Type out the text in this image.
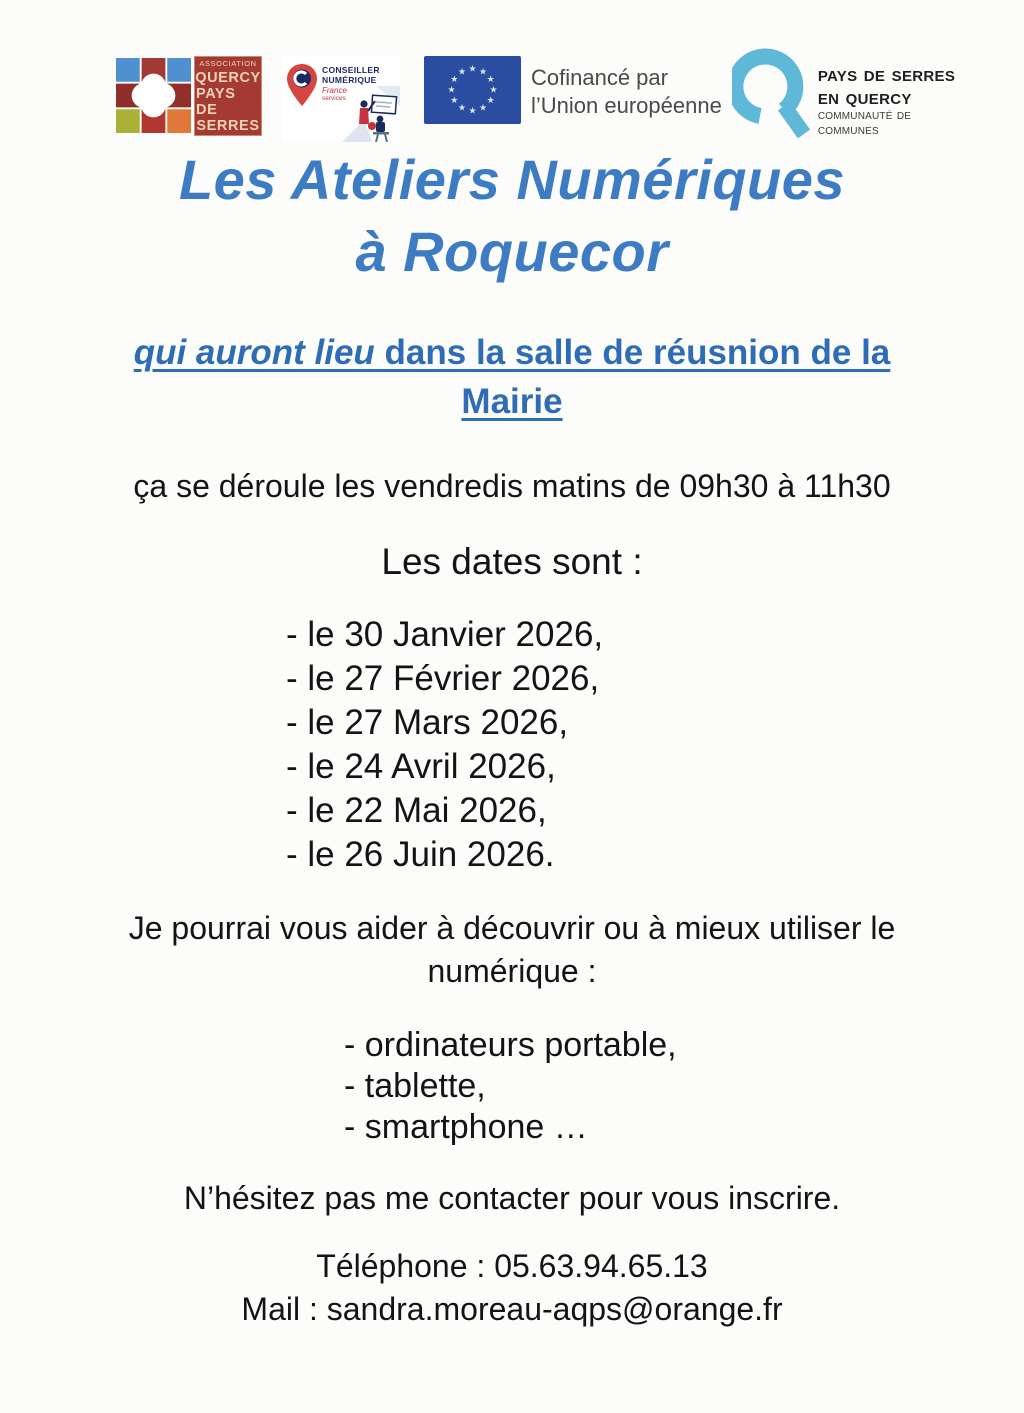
ASSOCIATION
QUERCY
PAYS DE
SERRES
CONSEILLER
NUMÉRIQUE
France
services
★ ★
★
★
★
★
★
★
★
★
★
★	Cofinancé par
l’Union européenne
pays de serres
en quercy
communauté de
communes
Les Ateliers Numériques
à Roquecor
qui auront lieu dans la salle de réusnion de la
Mairie
ça se déroule les vendredis matins de 09h30 à 11h30
Les dates sont :
- le 30 Janvier 2026,
- le 27 Février 2026,
- le 27 Mars 2026,
- le 24 Avril 2026,
- le 22 Mai 2026,
- le 26 Juin 2026.
Je pourrai vous aider à découvrir ou à mieux utiliser le
numérique :
- ordinateurs portable,
- tablette,
- smartphone …
N’hésitez pas me contacter pour vous inscrire.
Téléphone : 05.63.94.65.13
Mail : sandra.moreau-aqps@orange.fr
